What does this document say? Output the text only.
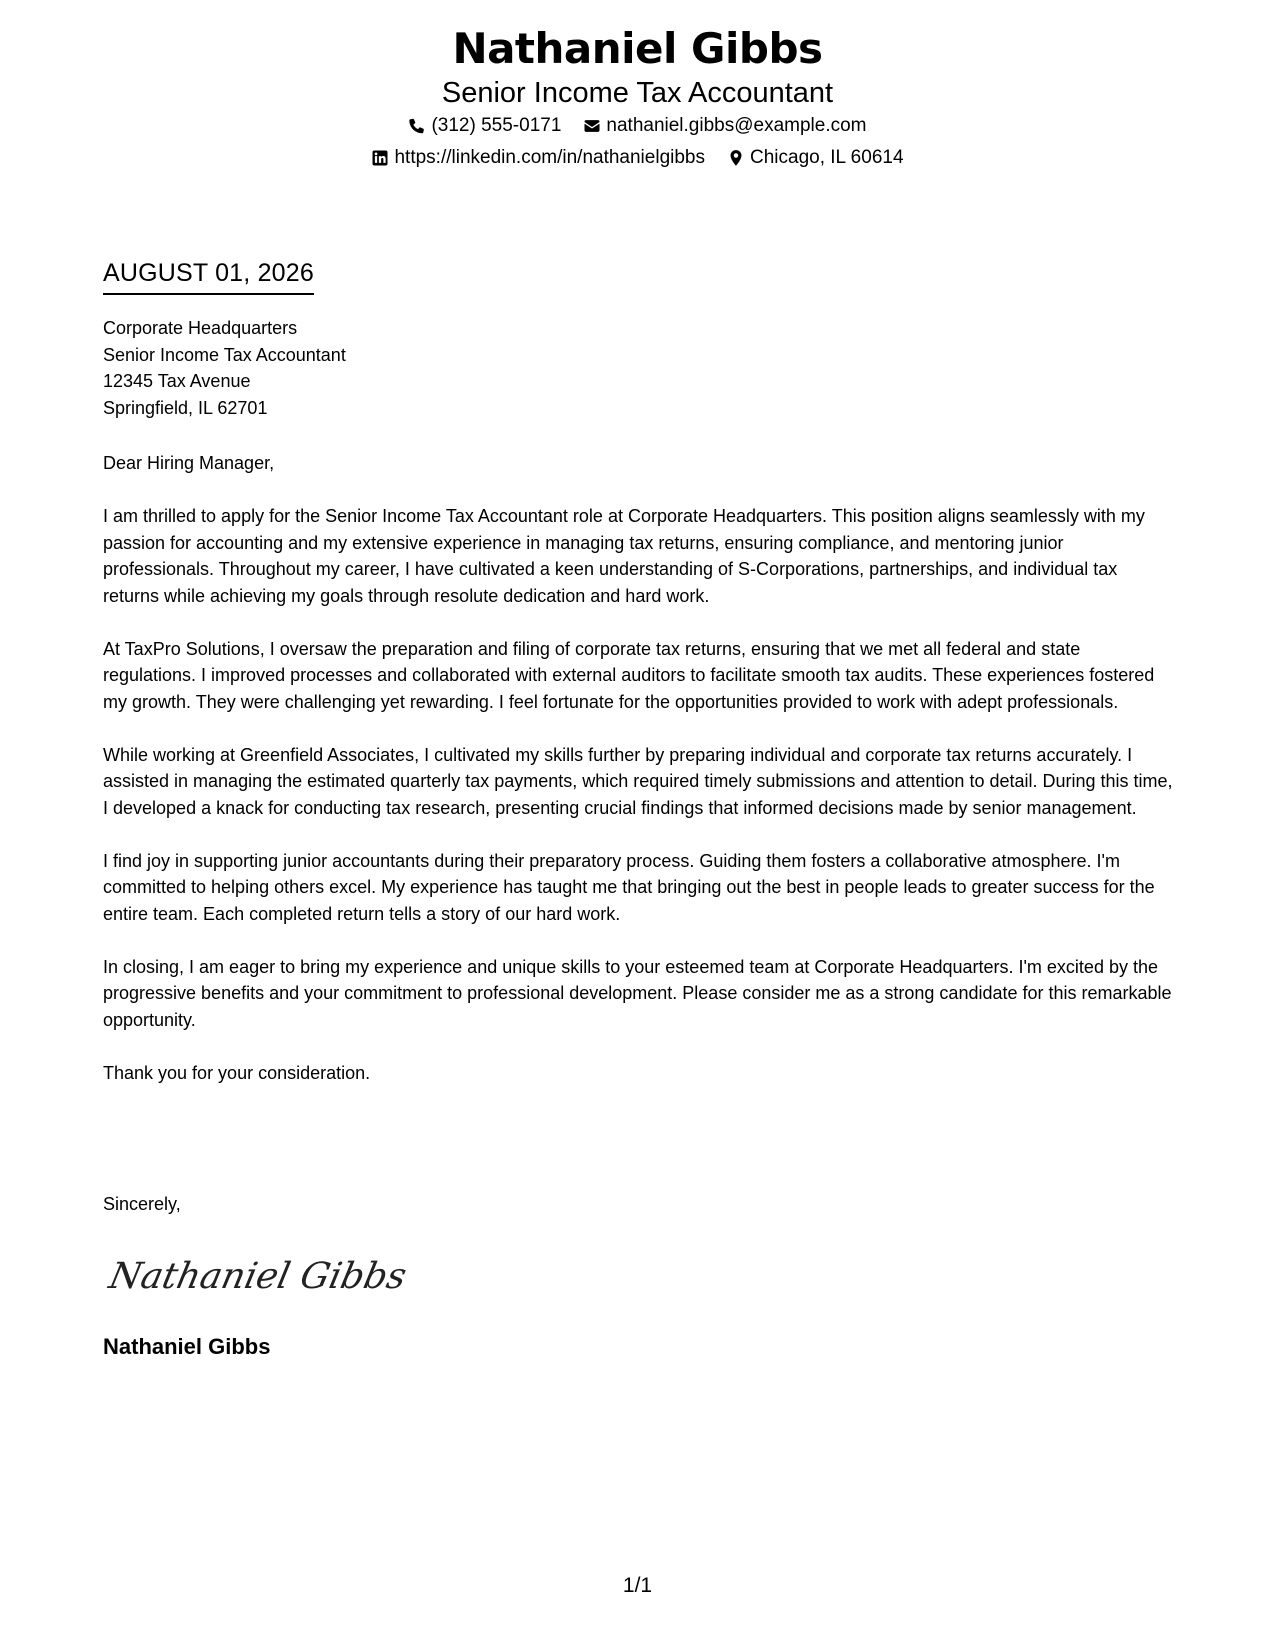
Nathaniel Gibbs
Senior Income Tax Accountant
(312) 555-0171 nathaniel.gibbs@example.com
https://linkedin.com/in/nathanielgibbs Chicago, IL 60614
AUGUST 01, 2026
Corporate Headquarters
Senior Income Tax Accountant
12345 Tax Avenue
Springfield, IL 62701
Dear Hiring Manager,

I am thrilled to apply for the Senior Income Tax Accountant role at Corporate Headquarters. This position aligns seamlessly with my passion for accounting and my extensive experience in managing tax returns, ensuring compliance, and mentoring junior professionals. Throughout my career, I have cultivated a keen understanding of S-Corporations, partnerships, and individual tax returns while achieving my goals through resolute dedication and hard work.

At TaxPro Solutions, I oversaw the preparation and filing of corporate tax returns, ensuring that we met all federal and state regulations. I improved processes and collaborated with external auditors to facilitate smooth tax audits. These experiences fostered my growth. They were challenging yet rewarding. I feel fortunate for the opportunities provided to work with adept professionals.

While working at Greenfield Associates, I cultivated my skills further by preparing individual and corporate tax returns accurately. I assisted in managing the estimated quarterly tax payments, which required timely submissions and attention to detail. During this time, I developed a knack for conducting tax research, presenting crucial findings that informed decisions made by senior management.

I find joy in supporting junior accountants during their preparatory process. Guiding them fosters a collaborative atmosphere. I'm committed to helping others excel. My experience has taught me that bringing out the best in people leads to greater success for the entire team. Each completed return tells a story of our hard work.

In closing, I am eager to bring my experience and unique skills to your esteemed team at Corporate Headquarters. I'm excited by the progressive benefits and your commitment to professional development. Please consider me as a strong candidate for this remarkable opportunity.

Thank you for your consideration.

Sincerely,
Nathaniel Gibbs
Nathaniel Gibbs
1/1
